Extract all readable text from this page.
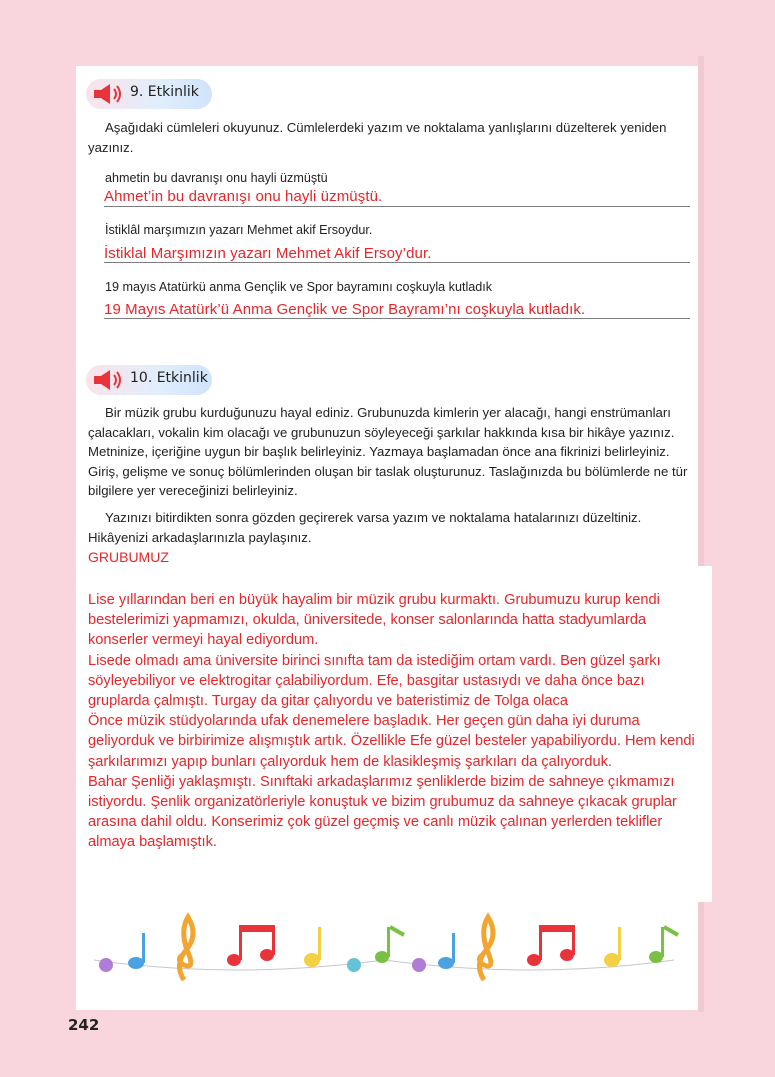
9. Etkinlik
Aşağıdaki cümleleri okuyunuz. Cümlelerdeki yazım ve noktalama yanlışlarını düzelterek yeniden yazınız.
ahmetin bu davranışı onu hayli üzmüştü
Ahmet’in bu davranışı onu hayli üzmüştü.
İstiklâl marşımızın yazarı Mehmet akif Ersoydur.
İstiklal Marşımızın yazarı Mehmet Akif Ersoy’dur.
19 mayıs Atatürkü anma Gençlik ve Spor bayramını coşkuyla kutladık
19 Mayıs Atatürk’ü Anma Gençlik ve Spor Bayramı’nı coşkuyla kutladık.
10. Etkinlik
Bir müzik grubu kurduğunuzu hayal ediniz. Grubunuzda kimlerin yer alacağı, hangi enstrümanları çalacakları, vokalin kim olacağı ve grubunuzun söyleyeceği şarkılar hakkında kısa bir hikâye yazınız. Metninize, içeriğine uygun bir başlık belirleyiniz. Yazmaya başlamadan önce ana fikrinizi belirleyiniz. Giriş, gelişme ve sonuç bölümlerinden oluşan bir taslak oluşturunuz. Taslağınızda bu bölümlerde ne tür bilgilere yer vereceğinizi belirleyiniz.
Yazınızı bitirdikten sonra gözden geçirerek varsa yazım ve noktalama hatalarınızı düzeltiniz. Hikâyenizi arkadaşlarınızla paylaşınız.
GRUBUMUZ

Lise yıllarından beri en büyük hayalim bir müzik grubu kurmaktı. Grubumuzu kurup kendi bestelerimizi yapmamızı, okulda, üniversitede, konser salonlarında hatta stadyumlarda konserler vermeyi hayal ediyordum.

Lisede olmadı ama üniversite birinci sınıfta tam da istediğim ortam vardı. Ben güzel şarkı söyleyebiliyor ve elektrogitar çalabiliyordum. Efe, basgitar ustasıydı ve daha önce bazı gruplarda çalmıştı. Turgay da gitar çalıyordu ve bateristimiz de Tolga olaca

Önce müzik stüdyolarında ufak denemelere başladık. Her geçen gün daha iyi duruma geliyorduk ve birbirimize alışmıştık artık. Özellikle Efe güzel besteler yapabiliyordu. Hem kendi şarkılarımızı yapıp bunları çalıyorduk hem de klasikleşmiş şarkıları da çalıyorduk.

Bahar Şenliği yaklaşmıştı. Sınıftaki arkadaşlarımız şenliklerde bizim de sahneye çıkmamızı istiyordu. Şenlik organizatörleriyle konuştuk ve bizim grubumuz da sahneye çıkacak gruplar arasına dahil oldu. Konserimiz çok güzel geçmiş ve canlı müzik çalınan yerlerden teklifler almaya başlamıştık.

242
